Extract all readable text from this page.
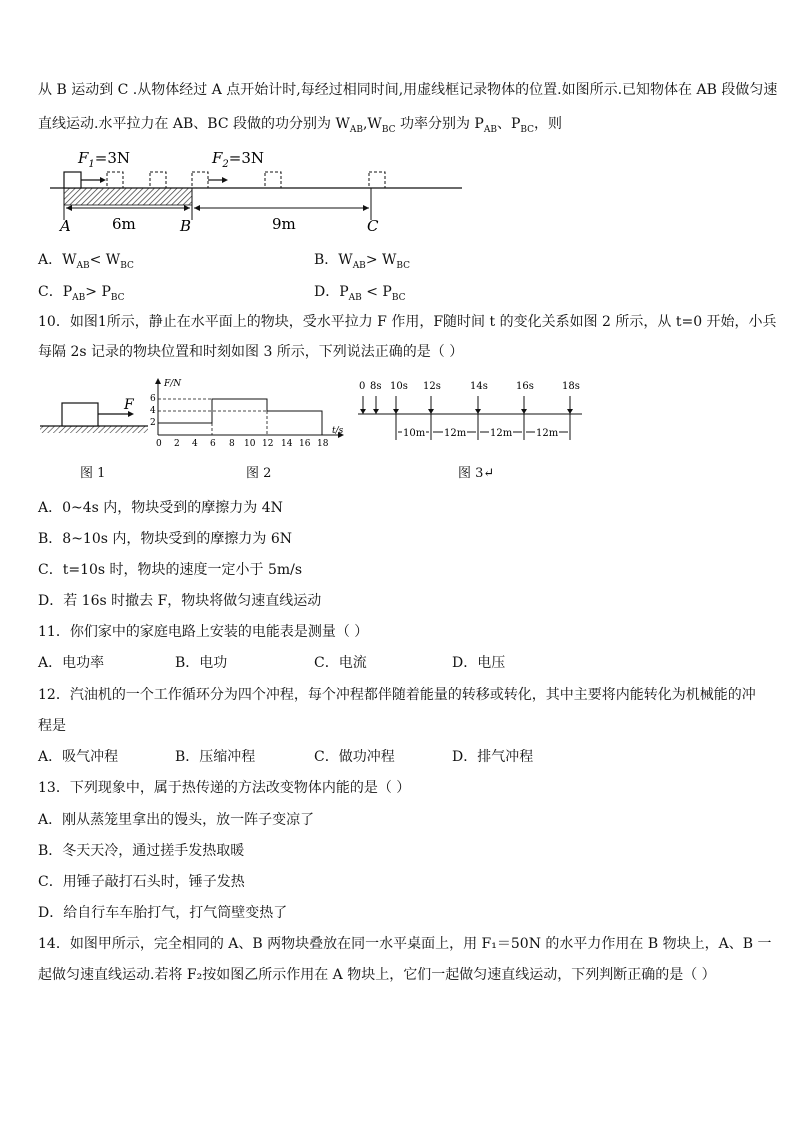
从 B 运动到 C .从物体经过 A 点开始计时,每经过相同时间,用虚线框记录物体的位置.如图所示.已知物体在 AB 段做匀速
直线运动.水平拉力在 AB、BC 段做的功分别为 $W_{AB},W_{BC}$ 功率分别为 $P_{AB}$、$P_{BC}$，则
$F_1=3N$	$F_2=3N$
6m	9m
A	B	C
A．$W_{AB}< W_{BC}$	B．$W_{AB}> W_{BC}$
C．$P_{AB}> P_{BC}$	D．$P_{AB} < P_{BC}$
10．如图1所示，静止在水平面上的物块，受水平拉力 F 作用，F随时间 t 的变化关系如图 2 所示，从 t=0 开始，小兵
每隔 2s 记录的物块位置和时刻如图 3 所示，下列说法正确的是（ ）
F
图 1
F/N
t/s
6
4
2
0 2 4 6 8 10 12 14 16 18
图 2
0 8s 10s 12s	14s	16s	18s
10m 12m 12m 12m
图 3↵
A．0~4s 内，物块受到的摩擦力为 4N
B．8~10s 内，物块受到的摩擦力为 6N
C．t=10s 时，物块的速度一定小于 5m/s
D．若 16s 时撤去 F，物块将做匀速直线运动
11．你们家中的家庭电路上安装的电能表是测量（ ）
A．电功率	B．电功	C．电流	D．电压
12．汽油机的一个工作循环分为四个冲程，每个冲程都伴随着能量的转移或转化，其中主要将内能转化为机械能的冲
程是
A．吸气冲程	B．压缩冲程	C．做功冲程	D．排气冲程
13．下列现象中，属于热传递的方法改变物体内能的是（ ）
A．刚从蒸笼里拿出的馒头，放一阵子变凉了
B．冬天天冷，通过搓手发热取暖
C．用锤子敲打石头时，锤子发热
D．给自行车车胎打气，打气筒壁变热了
14．如图甲所示，完全相同的 A、B 两物块叠放在同一水平桌面上，用 F₁＝50N 的水平力作用在 B 物块上，A、B 一
起做匀速直线运动.若将 F₂按如图乙所示作用在 A 物块上，它们一起做匀速直线运动，下列判断正确的是（ ）
